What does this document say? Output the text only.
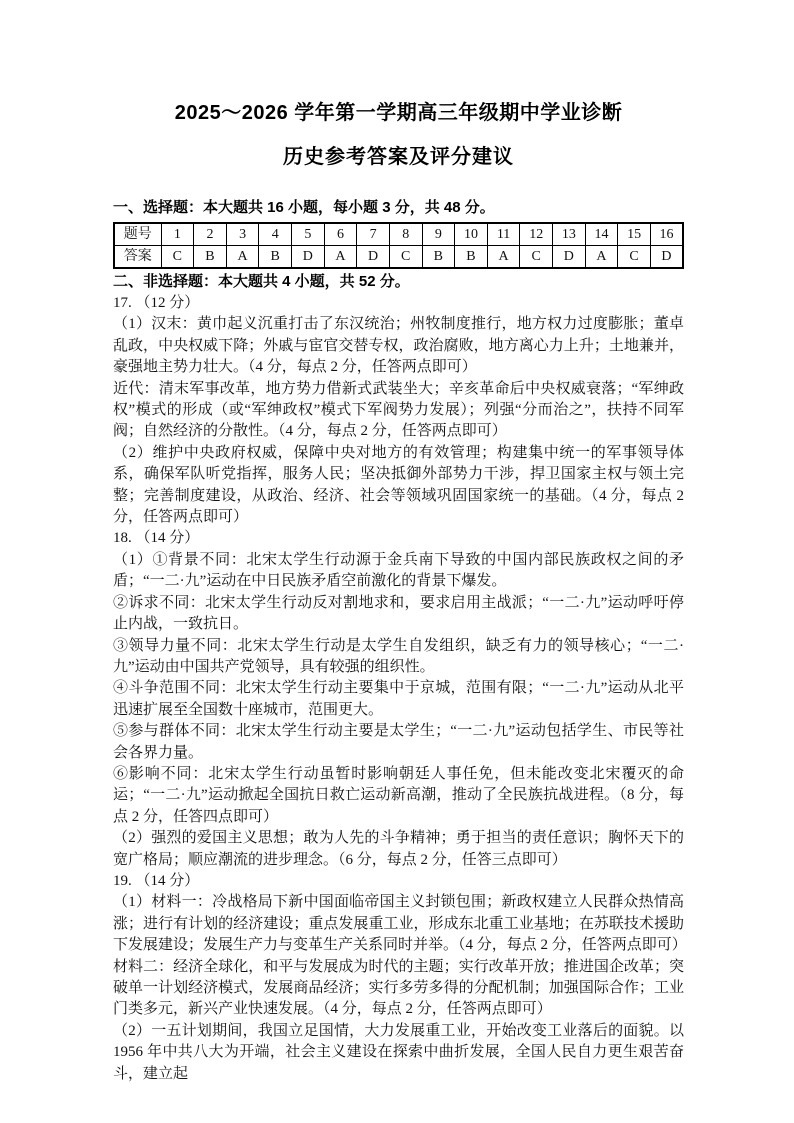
2025～2026 学年第一学期高三年级期中学业诊断
历史参考答案及评分建议
一、选择题：本大题共 16 小题，每小题 3 分，共 48 分。
题号	1	2	3	4	5	6	7	8	9	10	11	12	13	14	15	16
答案	C	B	A	B	D	A	D	C	B	B	A	C	D	A	C	D
二、非选择题：本大题共 4 小题，共 52 分。

17. （12 分）

（1）汉末：黄巾起义沉重打击了东汉统治；州牧制度推行，地方权力过度膨胀；董卓乱政，中央权威下降；外戚与宦官交替专权，政治腐败，地方离心力上升；土地兼并，豪强地主势力壮大。（4 分，每点 2 分，任答两点即可）

近代：清末军事改革，地方势力借新式武装坐大；辛亥革命后中央权威衰落；“军绅政权”模式的形成（或“军绅政权”模式下军阀势力发展）；列强“分而治之”，扶持不同军阀；自然经济的分散性。（4 分，每点 2 分，任答两点即可）

（2）维护中央政府权威，保障中央对地方的有效管理；构建集中统一的军事领导体系，确保军队听党指挥，服务人民；坚决抵御外部势力干涉，捍卫国家主权与领土完整；完善制度建设，从政治、经济、社会等领域巩固国家统一的基础。（4 分，每点 2 分，任答两点即可）

18. （14 分）

（1）①背景不同：北宋太学生行动源于金兵南下导致的中国内部民族政权之间的矛盾；“一二·九”运动在中日民族矛盾空前激化的背景下爆发。

②诉求不同：北宋太学生行动反对割地求和，要求启用主战派；“一二·九”运动呼吁停止内战，一致抗日。

③领导力量不同：北宋太学生行动是太学生自发组织，缺乏有力的领导核心；“一二·九”运动由中国共产党领导，具有较强的组织性。

④斗争范围不同：北宋太学生行动主要集中于京城，范围有限；“一二·九”运动从北平迅速扩展至全国数十座城市，范围更大。

⑤参与群体不同：北宋太学生行动主要是太学生；“一二·九”运动包括学生、市民等社会各界力量。

⑥影响不同：北宋太学生行动虽暂时影响朝廷人事任免，但未能改变北宋覆灭的命运；“一二·九”运动掀起全国抗日救亡运动新高潮，推动了全民族抗战进程。（8 分，每点 2 分，任答四点即可）

（2）强烈的爱国主义思想；敢为人先的斗争精神；勇于担当的责任意识；胸怀天下的宽广格局；顺应潮流的进步理念。（6 分，每点 2 分，任答三点即可）

19. （14 分）

（1）材料一：冷战格局下新中国面临帝国主义封锁包围；新政权建立人民群众热情高涨；进行有计划的经济建设；重点发展重工业，形成东北重工业基地；在苏联技术援助下发展建设；发展生产力与变革生产关系同时并举。（4 分，每点 2 分，任答两点即可）

材料二：经济全球化，和平与发展成为时代的主题；实行改革开放；推进国企改革；突破单一计划经济模式，发展商品经济；实行多劳多得的分配机制；加强国际合作；工业门类多元，新兴产业快速发展。（4 分，每点 2 分，任答两点即可）

（2）一五计划期间，我国立足国情，大力发展重工业，开始改变工业落后的面貌。以 1956 年中共八大为开端，社会主义建设在探索中曲折发展，全国人民自力更生艰苦奋斗，建立起
